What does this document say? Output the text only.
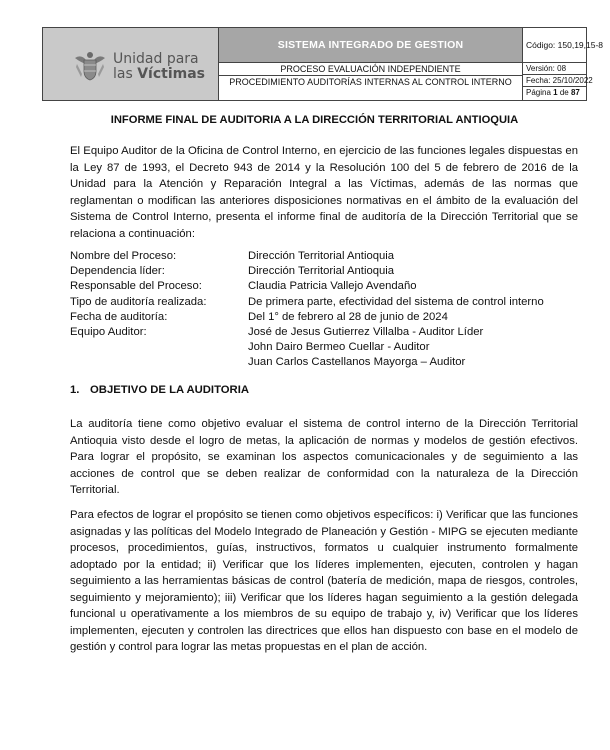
Unidad para
las Víctimas
SISTEMA INTEGRADO DE GESTION
PROCESO EVALUACIÓN INDEPENDIENTE
PROCEDIMIENTO AUDITORÍAS INTERNAS AL CONTROL INTERNO
Código: 150,19,15-8
Versión: 08
Fecha: 25/10/2022
Página 1 de 87
INFORME FINAL DE AUDITORIA A LA DIRECCIÓN TERRITORIAL ANTIOQUIA
El Equipo Auditor de la Oficina de Control Interno, en ejercicio de las funciones legales dispuestas en la Ley 87 de 1993, el Decreto 943 de 2014 y la Resolución 100 del 5 de febrero de 2016 de la Unidad para la Atención y Reparación Integral a las Víctimas, además de las normas que reglamentan o modifican las anteriores disposiciones normativas en el ámbito de la evaluación del Sistema de Control Interno, presenta el informe final de auditoría de la Dirección Territorial que se relaciona a continuación:
Nombre del Proceso:	Dirección Territorial Antioquia
Dependencia líder:	Dirección Territorial Antioquia
Responsable del Proceso:	Claudia Patricia Vallejo Avendaño
Tipo de auditoría realizada:	De primera parte, efectividad del sistema de control interno
Fecha de auditoría:	Del 1° de febrero al 28 de junio de 2024
Equipo Auditor:	José de Jesus Gutierrez Villalba - Auditor Líder
John Dairo Bermeo Cuellar - Auditor
Juan Carlos Castellanos Mayorga – Auditor
1. OBJETIVO DE LA AUDITORIA
La auditoría tiene como objetivo evaluar el sistema de control interno de la Dirección Territorial Antioquia visto desde el logro de metas, la aplicación de normas y modelos de gestión efectivos. Para lograr el propósito, se examinan los aspectos comunicacionales y de seguimiento a las acciones de control que se deben realizar de conformidad con la naturaleza de la Dirección Territorial.
Para efectos de lograr el propósito se tienen como objetivos específicos: i) Verificar que las funciones asignadas y las políticas del Modelo Integrado de Planeación y Gestión - MIPG se ejecuten mediante procesos, procedimientos, guías, instructivos, formatos u cualquier instrumento formalmente adoptado por la entidad; ii) Verificar que los líderes implementen, ejecuten, controlen y hagan seguimiento a las herramientas básicas de control (batería de medición, mapa de riesgos, controles, seguimiento y mejoramiento); iii) Verificar que los líderes hagan seguimiento a la gestión delegada funcional u operativamente a los miembros de su equipo de trabajo y, iv) Verificar que los líderes implementen, ejecuten y controlen las directrices que ellos han dispuesto con base en el modelo de gestión y control para lograr las metas propuestas en el plan de acción.
